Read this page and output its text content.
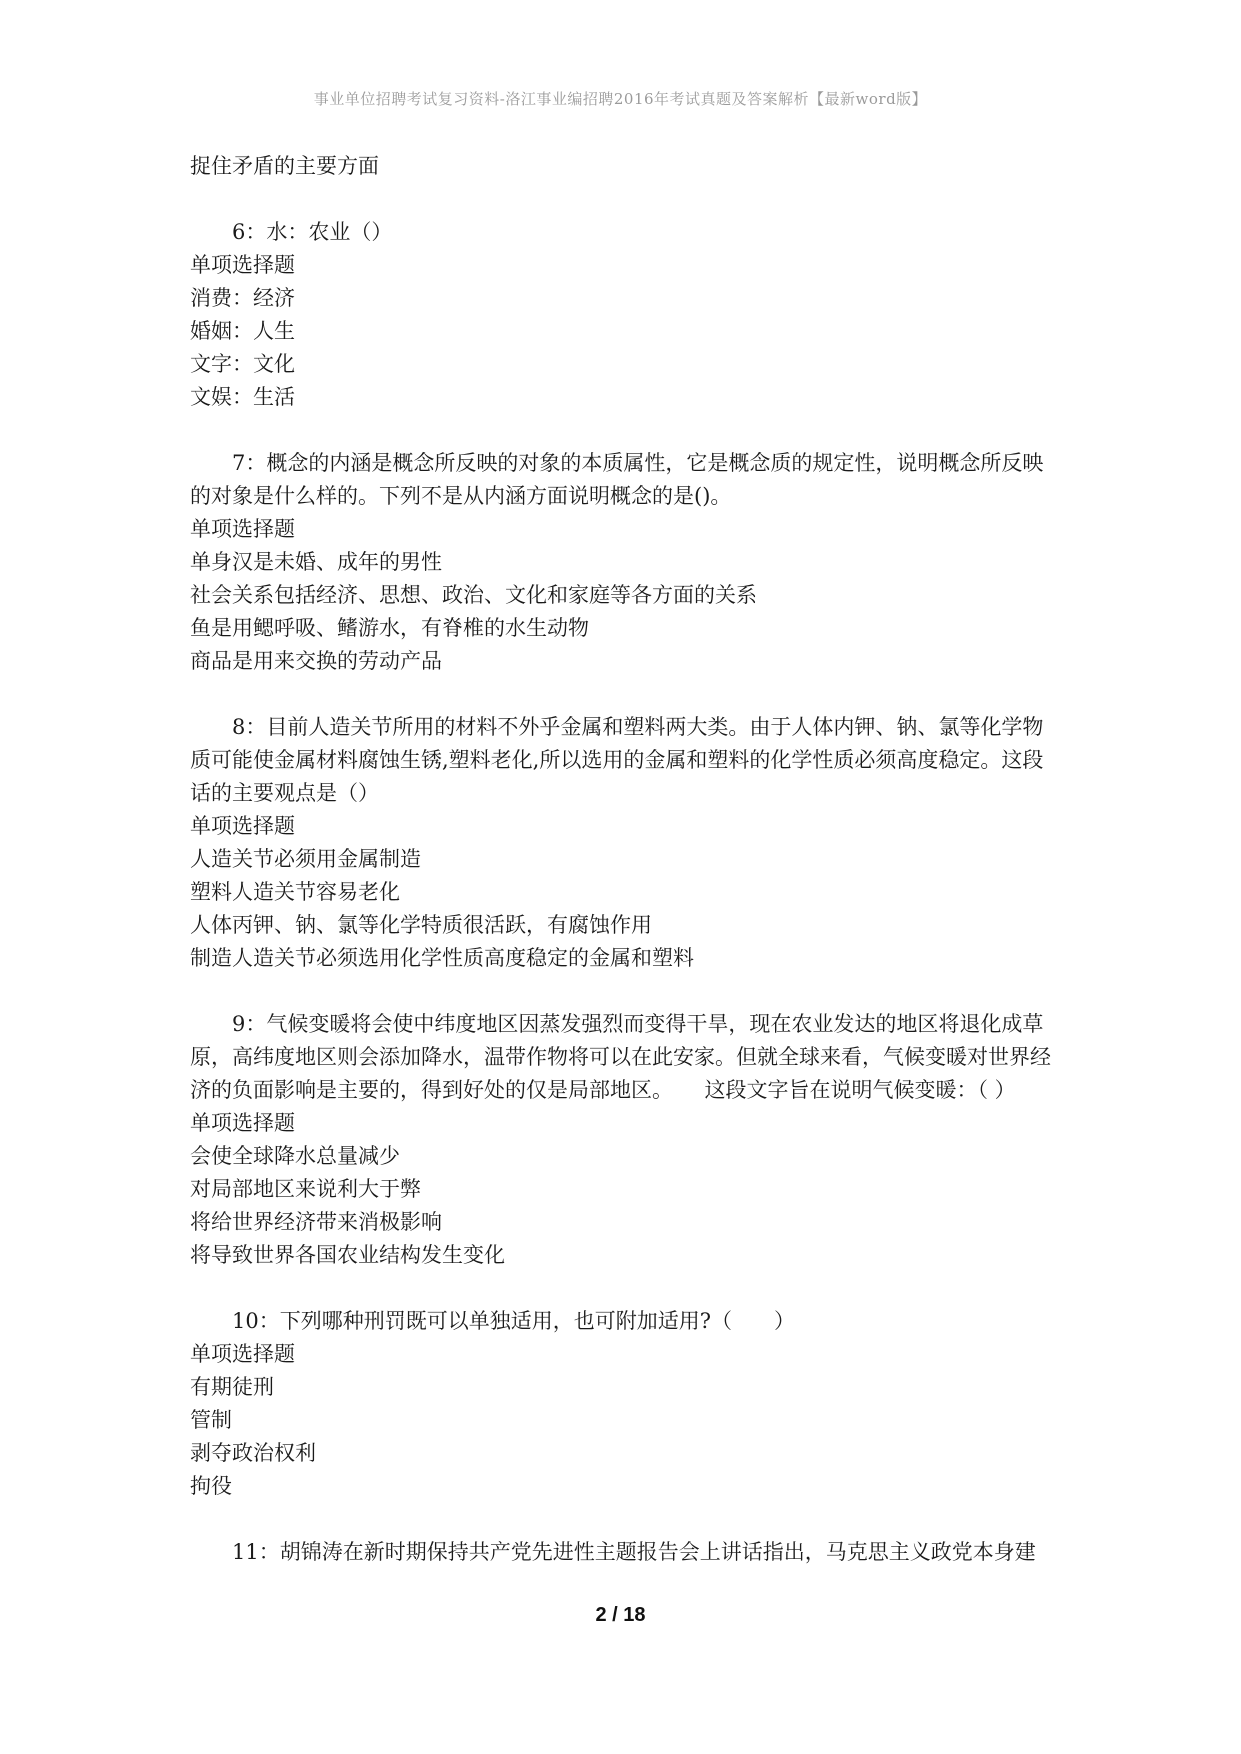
事业单位招聘考试复习资料-洛江事业编招聘2016年考试真题及答案解析【最新word版】
捉住矛盾的主要方面
6：水：农业（）
单项选择题
消费：经济
婚姻：人生
文字：文化
文娱：生活
7：概念的内涵是概念所反映的对象的本质属性，它是概念质的规定性，说明概念所反映的对象是什么样的。下列不是从内涵方面说明概念的是()。
单项选择题
单身汉是未婚、成年的男性
社会关系包括经济、思想、政治、文化和家庭等各方面的关系
鱼是用鳃呼吸、鳍游水，有脊椎的水生动物
商品是用来交换的劳动产品
8：目前人造关节所用的材料不外乎金属和塑料两大类。由于人体内钾、钠、氯等化学物质可能使金属材料腐蚀生锈,塑料老化,所以选用的金属和塑料的化学性质必须高度稳定。这段话的主要观点是（）
单项选择题
人造关节必须用金属制造
塑料人造关节容易老化
人体丙钾、钠、氯等化学特质很活跃，有腐蚀作用
制造人造关节必须选用化学性质高度稳定的金属和塑料
9：气候变暖将会使中纬度地区因蒸发强烈而变得干旱，现在农业发达的地区将退化成草原，高纬度地区则会添加降水，温带作物将可以在此安家。但就全球来看，气候变暖对世界经济的负面影响是主要的，得到好处的仅是局部地区。　　这段文字旨在说明气候变暖：（ ）
单项选择题
会使全球降水总量减少
对局部地区来说利大于弊
将给世界经济带来消极影响
将导致世界各国农业结构发生变化
10：下列哪种刑罚既可以单独适用，也可附加适用?（　　）
单项选择题
有期徒刑
管制
剥夺政治权利
拘役
11：胡锦涛在新时期保持共产党先进性主题报告会上讲话指出，马克思主义政党本身建
2 / 18
